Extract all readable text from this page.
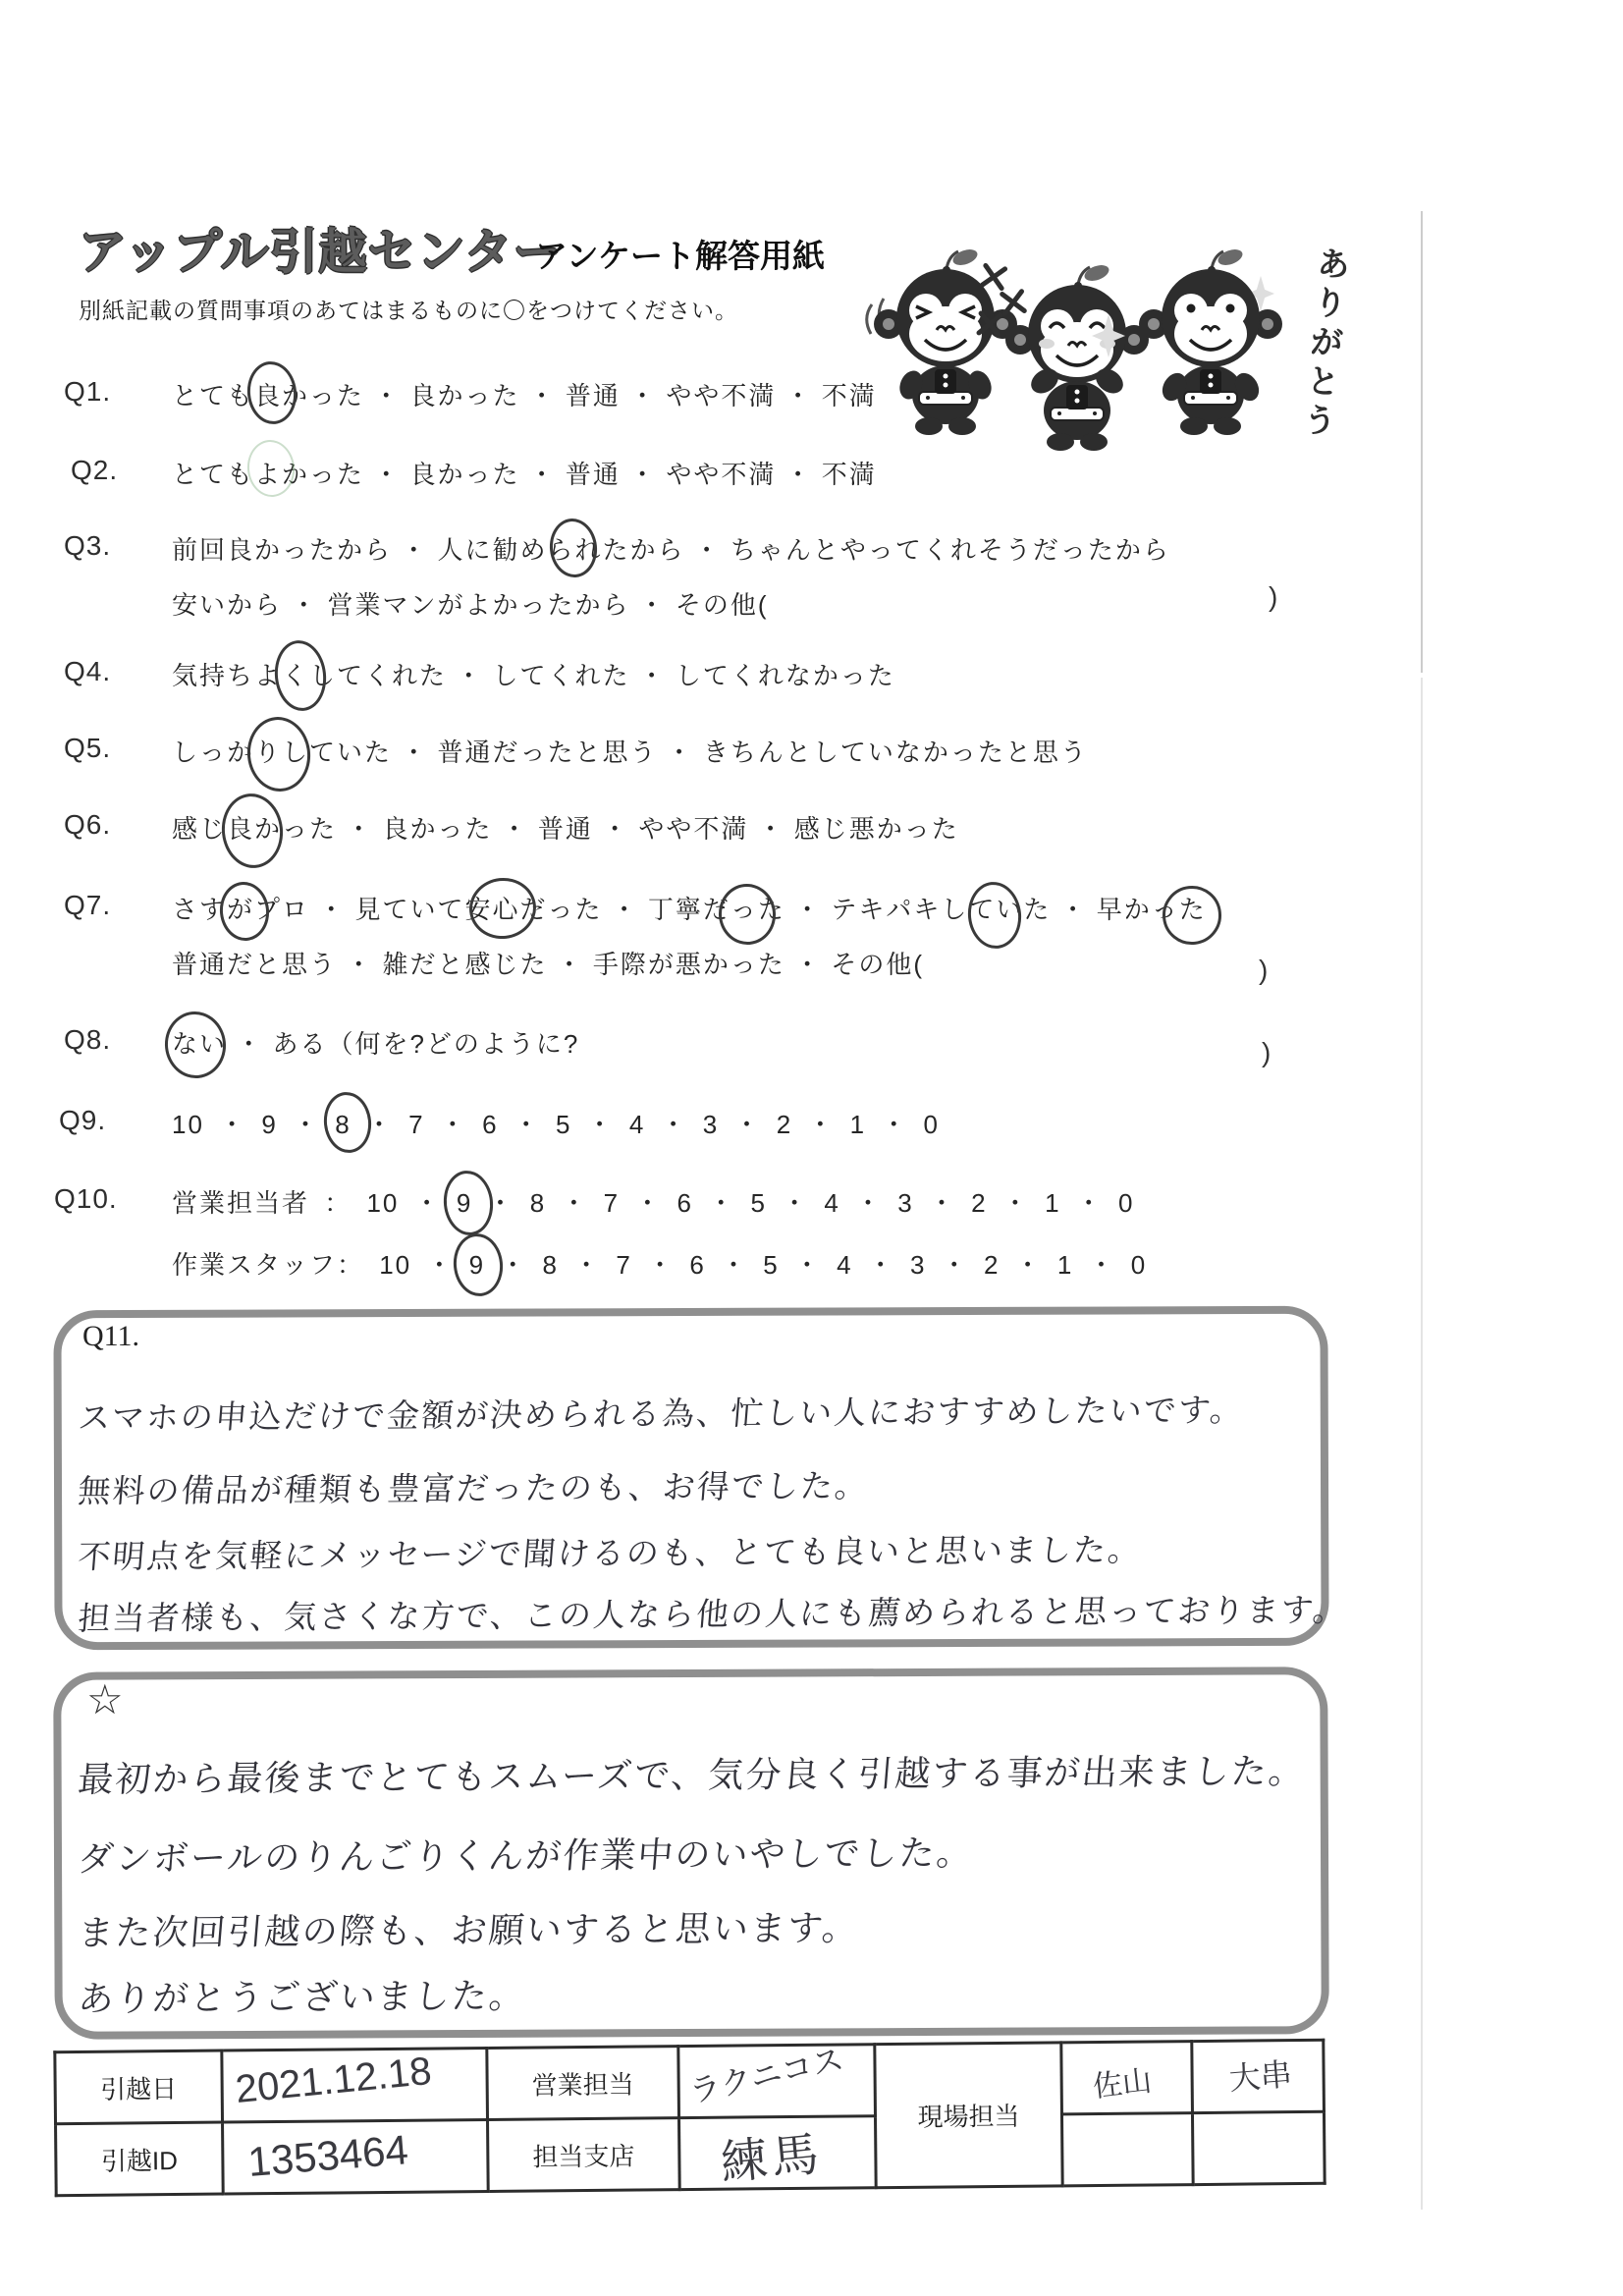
アップル引越センター
アンケート解答用紙
別紙記載の質問事項のあてはまるものに〇をつけてください。	ありがとう
Q1. とても良かった ・ 良かった ・ 普通 ・ やや不満 ・ 不満
Q2. とてもよかった ・ 良かった ・ 普通 ・ やや不満 ・ 不満
Q3. 前回良かったから ・ 人に勧められたから ・ ちゃんとやってくれそうだったから
安いから ・ 営業マンがよかったから ・ その他(	)
Q4. 気持ちよくしてくれた ・ してくれた ・ してくれなかった
Q5. しっかりしていた ・ 普通だったと思う ・ きちんとしていなかったと思う
Q6. 感じ良かった ・ 良かった ・ 普通 ・ やや不満 ・ 感じ悪かった
Q7. さすがプロ ・ 見ていて安心だった ・ 丁寧だった ・ テキパキしていた ・ 早かった
普通だと思う ・ 雑だと感じた ・ 手際が悪かった ・ その他(	)
Q8. ない ・ ある（何を?どのように?	)
Q9.	10 ・ 9 ・ 8 ・ 7 ・ 6 ・ 5 ・ 4 ・ 3 ・ 2 ・ 1 ・ 0
Q10. 営業担当者 ： 10 ・ 9 ・ 8 ・ 7 ・ 6 ・ 5 ・ 4 ・ 3 ・ 2 ・ 1 ・ 0
作業スタッフ： 10 ・ 9 ・ 8 ・ 7 ・ 6 ・ 5 ・ 4 ・ 3 ・ 2 ・ 1 ・ 0
Q11.
スマホの申込だけで金額が決められる為、忙しい人におすすめしたいです。
無料の備品が種類も豊富だったのも、お得でした。
不明点を気軽にメッセージで聞けるのも、とても良いと思いました。
担当者様も、気さくな方で、この人なら他の人にも薦められると思っております。
☆
最初から最後までとてもスムーズで、気分良く引越する事が出来ました。
ダンボールのりんごりくんが作業中のいやしでした。
また次回引越の際も、お願いすると思います。
ありがとうございました。
引越日	2021.12.18	営業担当	ラクニコス	現場担当	佐山	大串

引越ID	1353464	担当支店	練馬			
